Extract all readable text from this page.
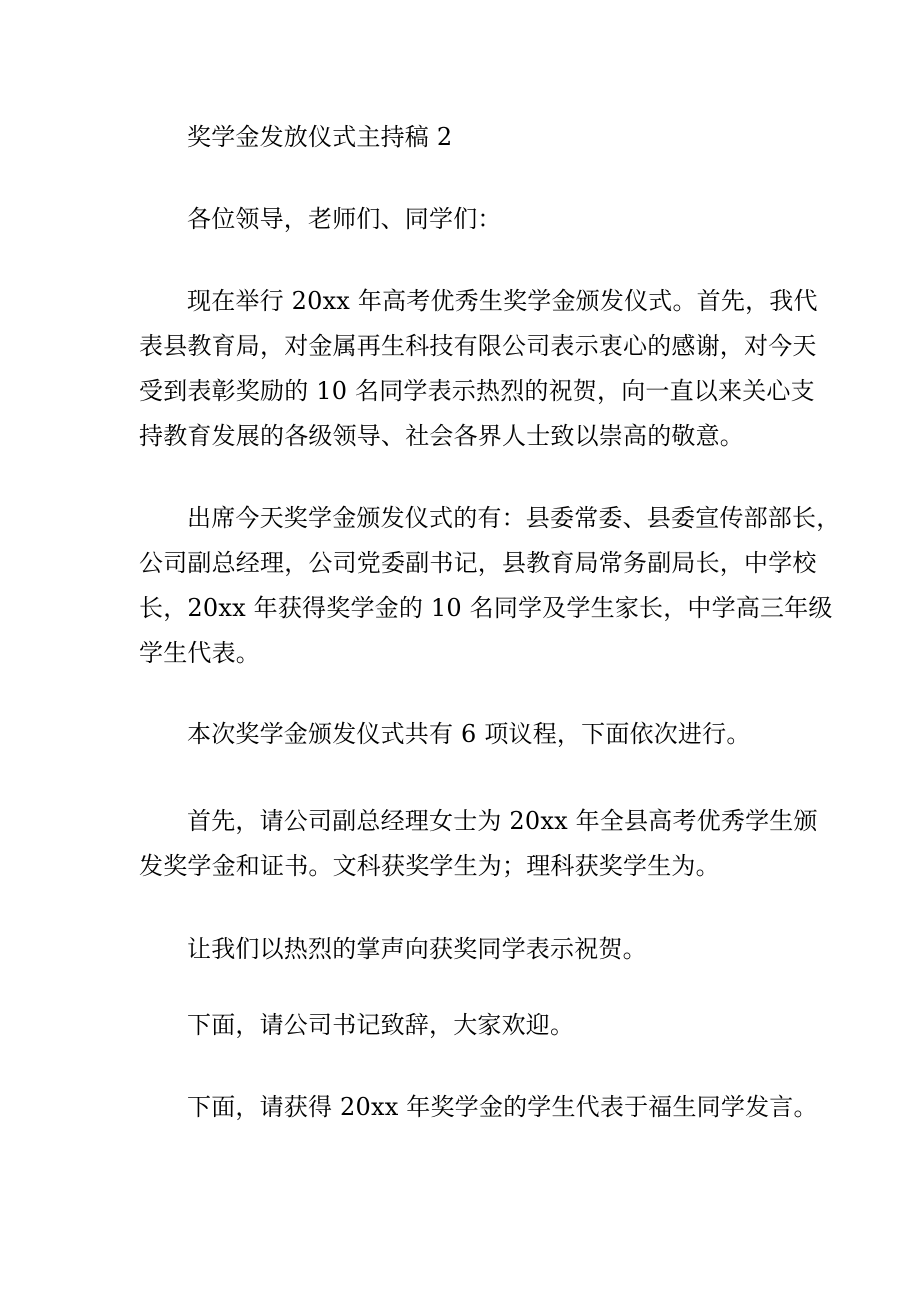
奖学金发放仪式主持稿 2
各位领导，老师们、同学们：
现在举行 20xx 年高考优秀生奖学金颁发仪式。首先，我代
表县教育局，对金属再生科技有限公司表示衷心的感谢，对今天
受到表彰奖励的 10 名同学表示热烈的祝贺，向一直以来关心支
持教育发展的各级领导、社会各界人士致以崇高的敬意。
出席今天奖学金颁发仪式的有：县委常委、县委宣传部部长，
公司副总经理，公司党委副书记，县教育局常务副局长，中学校
长，20xx 年获得奖学金的 10 名同学及学生家长，中学高三年级
学生代表。
本次奖学金颁发仪式共有 6 项议程，下面依次进行。
首先，请公司副总经理女士为 20xx 年全县高考优秀学生颁
发奖学金和证书。文科获奖学生为；理科获奖学生为。
让我们以热烈的掌声向获奖同学表示祝贺。
下面，请公司书记致辞，大家欢迎。
下面，请获得 20xx 年奖学金的学生代表于福生同学发言。
